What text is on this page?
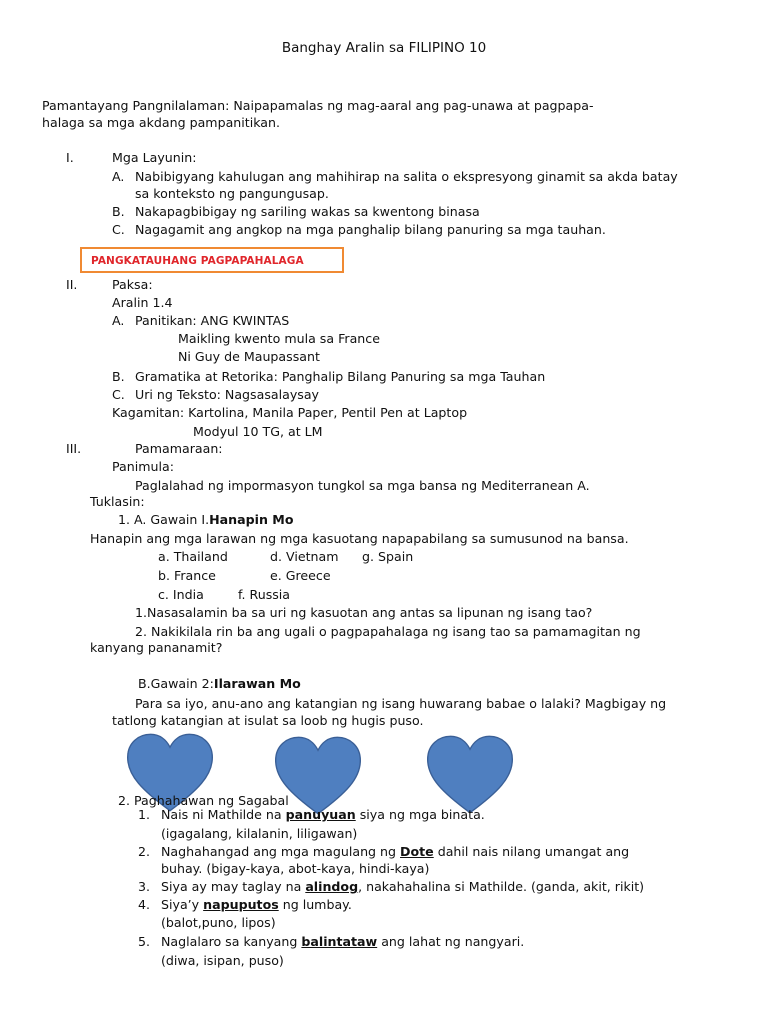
Banghay Aralin sa FILIPINO 10
Pamantayang Pangnilalaman: Naipapamalas ng mag-aaral ang pag-unawa at pagpapa-
halaga sa mga akdang pampanitikan.
I.	Mga Layunin:
A. Nabibigyang kahulugan ang mahihirap na salita o ekspresyong ginamit sa akda batay
sa konteksto ng pangungusap.
B. Nakapagbibigay ng sariling wakas sa kwentong binasa
C. Nagagamit ang angkop na mga panghalip bilang panuring sa mga tauhan.
PANGKATAUHANG PAGPAPAHALAGA
II.	Paksa:
Aralin 1.4
A. Panitikan: ANG KWINTAS
Maikling kwento mula sa France
Ni Guy de Maupassant
B. Gramatika at Retorika: Panghalip Bilang Panuring sa mga Tauhan
C. Uri ng Teksto: Nagsasalaysay
Kagamitan: Kartolina, Manila Paper, Pentil Pen at Laptop
Modyul 10 TG, at LM
III.	Pamamaraan:
Panimula:
Paglalahad ng impormasyon tungkol sa mga bansa ng Mediterranean A.
Tuklasin:
1. A. Gawain I.Hanapin Mo
Hanapin ang mga larawan ng mga kasuotang napapabilang sa sumusunod na bansa.
a. Thailand	d. Vietnam g. Spain
b. France	e. Greece
c. India	f. Russia
1.Nasasalamin ba sa uri ng kasuotan ang antas sa lipunan ng isang tao?
2. Nakikilala rin ba ang ugali o pagpapahalaga ng isang tao sa pamamagitan ng
kanyang pananamit?
B.Gawain 2:Ilarawan Mo
Para sa iyo, anu-ano ang katangian ng isang huwarang babae o lalaki? Magbigay ng
tatlong katangian at isulat sa loob ng hugis puso.
2. Paghahawan ng Sagabal
1. Nais ni Mathilde na panuyuan siya ng mga binata.
(igagalang, kilalanin, liligawan)
2. Naghahangad ang mga magulang ng Dote dahil nais nilang umangat ang
buhay. (bigay-kaya, abot-kaya, hindi-kaya)
3. Siya ay may taglay na alindog, nakahahalina si Mathilde. (ganda, akit, rikit)
4. Siya’y napuputos ng lumbay.
(balot,puno, lipos)
5. Naglalaro sa kanyang balintataw ang lahat ng nangyari.
(diwa, isipan, puso)
